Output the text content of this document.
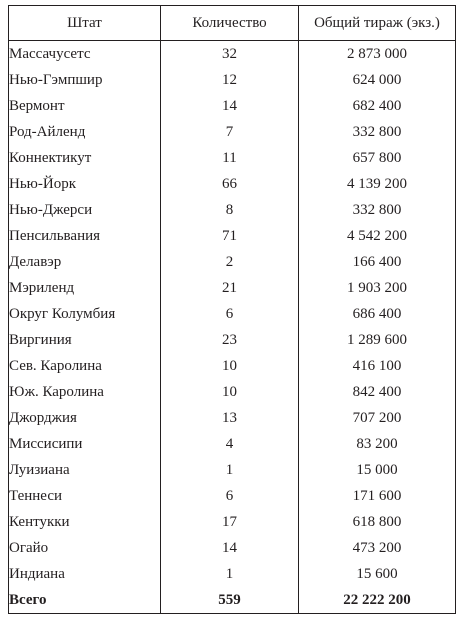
Штат	Количество	Общий тираж (экз.)
Массачусетс	32	2 873 000
Нью-Гэмпшир	12	624 000
Вермонт	14	682 400
Род-Айленд	7	332 800
Коннектикут	11	657 800
Нью-Йорк	66	4 139 200
Нью-Джерси	8	332 800
Пенсильвания	71	4 542 200
Делавэр	2	166 400
Мэриленд	21	1 903 200
Округ Колумбия	6	686 400
Виргиния	23	1 289 600
Сев. Каролина	10	416 100
Юж. Каролина	10	842 400
Джорджия	13	707 200
Миссисипи	4	83 200
Луизиана	1	15 000
Теннеси	6	171 600
Кентукки	17	618 800
Огайо	14	473 200
Индиана	1	15 600
Всего	559	22 222 200
